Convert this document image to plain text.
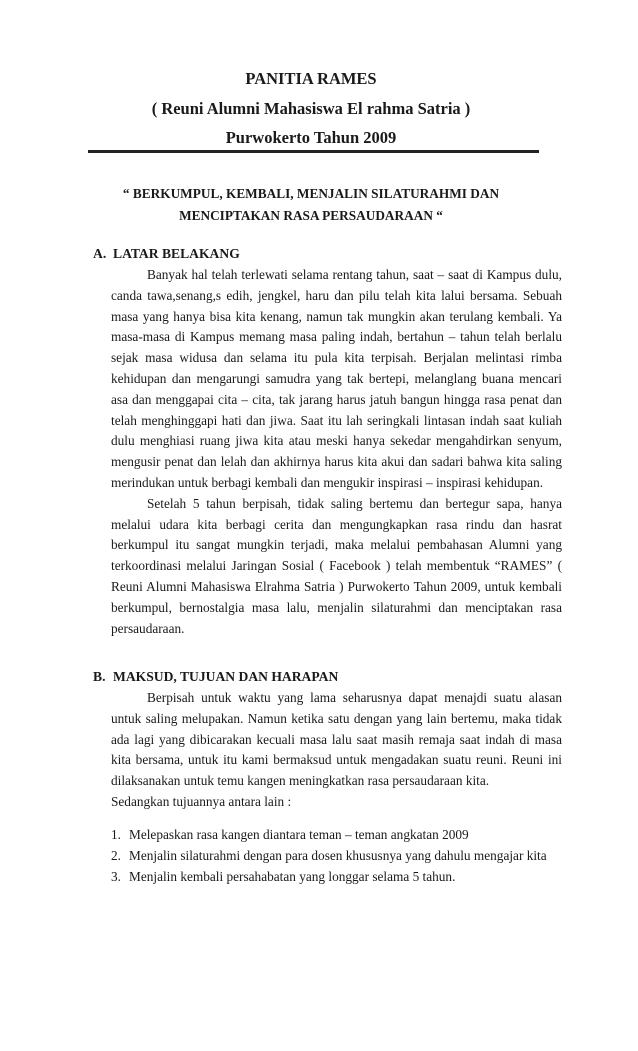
PANITIA RAMES
( Reuni Alumni Mahasiswa El rahma Satria )
Purwokerto Tahun 2009
“ BERKUMPUL, KEMBALI, MENJALIN SILATURAHMI DAN
MENCIPTAKAN RASA PERSAUDARAAN “
A. LATAR BELAKANG

Banyak hal telah terlewati selama rentang tahun, saat – saat di Kampus dulu, canda tawa,senang,s edih, jengkel, haru dan pilu telah kita lalui bersama. Sebuah masa yang hanya bisa kita kenang, namun tak mungkin akan terulang kembali. Ya masa-masa di Kampus memang masa paling indah, bertahun – tahun telah berlalu sejak masa widusa dan selama itu pula kita terpisah. Berjalan melintasi rimba kehidupan dan mengarungi samudra yang tak bertepi, melanglang buana mencari asa dan menggapai cita – cita, tak jarang harus jatuh bangun hingga rasa penat dan telah menghinggapi hati dan jiwa. Saat itu lah seringkali lintasan indah saat kuliah dulu menghiasi ruang jiwa kita atau meski hanya sekedar mengahdirkan senyum, mengusir penat dan lelah dan akhirnya harus kita akui dan sadari bahwa kita saling merindukan untuk berbagi kembali dan mengukir inspirasi – inspirasi kehidupan.

Setelah 5 tahun berpisah, tidak saling bertemu dan bertegur sapa, hanya melalui udara kita berbagi cerita dan mengungkapkan rasa rindu dan hasrat berkumpul itu sangat mungkin terjadi, maka melalui pembahasan Alumni yang terkoordinasi melalui Jaringan Sosial ( Facebook ) telah membentuk “RAMES” ( Reuni Alumni Mahasiswa Elrahma Satria ) Purwokerto Tahun 2009, untuk kembali berkumpul, bernostalgia masa lalu, menjalin silaturahmi dan menciptakan rasa persaudaraan.

B. MAKSUD, TUJUAN DAN HARAPAN

Berpisah untuk waktu yang lama seharusnya dapat menajdi suatu alasan untuk saling melupakan. Namun ketika satu dengan yang lain bertemu, maka tidak ada lagi yang dibicarakan kecuali masa lalu saat masih remaja saat indah di masa kita bersama, untuk itu kami bermaksud untuk mengadakan suatu reuni. Reuni ini dilaksanakan untuk temu kangen meningkatkan rasa persaudaraan kita.

Sedangkan tujuannya antara lain :

1. Melepaskan rasa kangen diantara teman – teman angkatan 2009
2. Menjalin silaturahmi dengan para dosen khususnya yang dahulu mengajar kita
3. Menjalin kembali persahabatan yang longgar selama 5 tahun.
